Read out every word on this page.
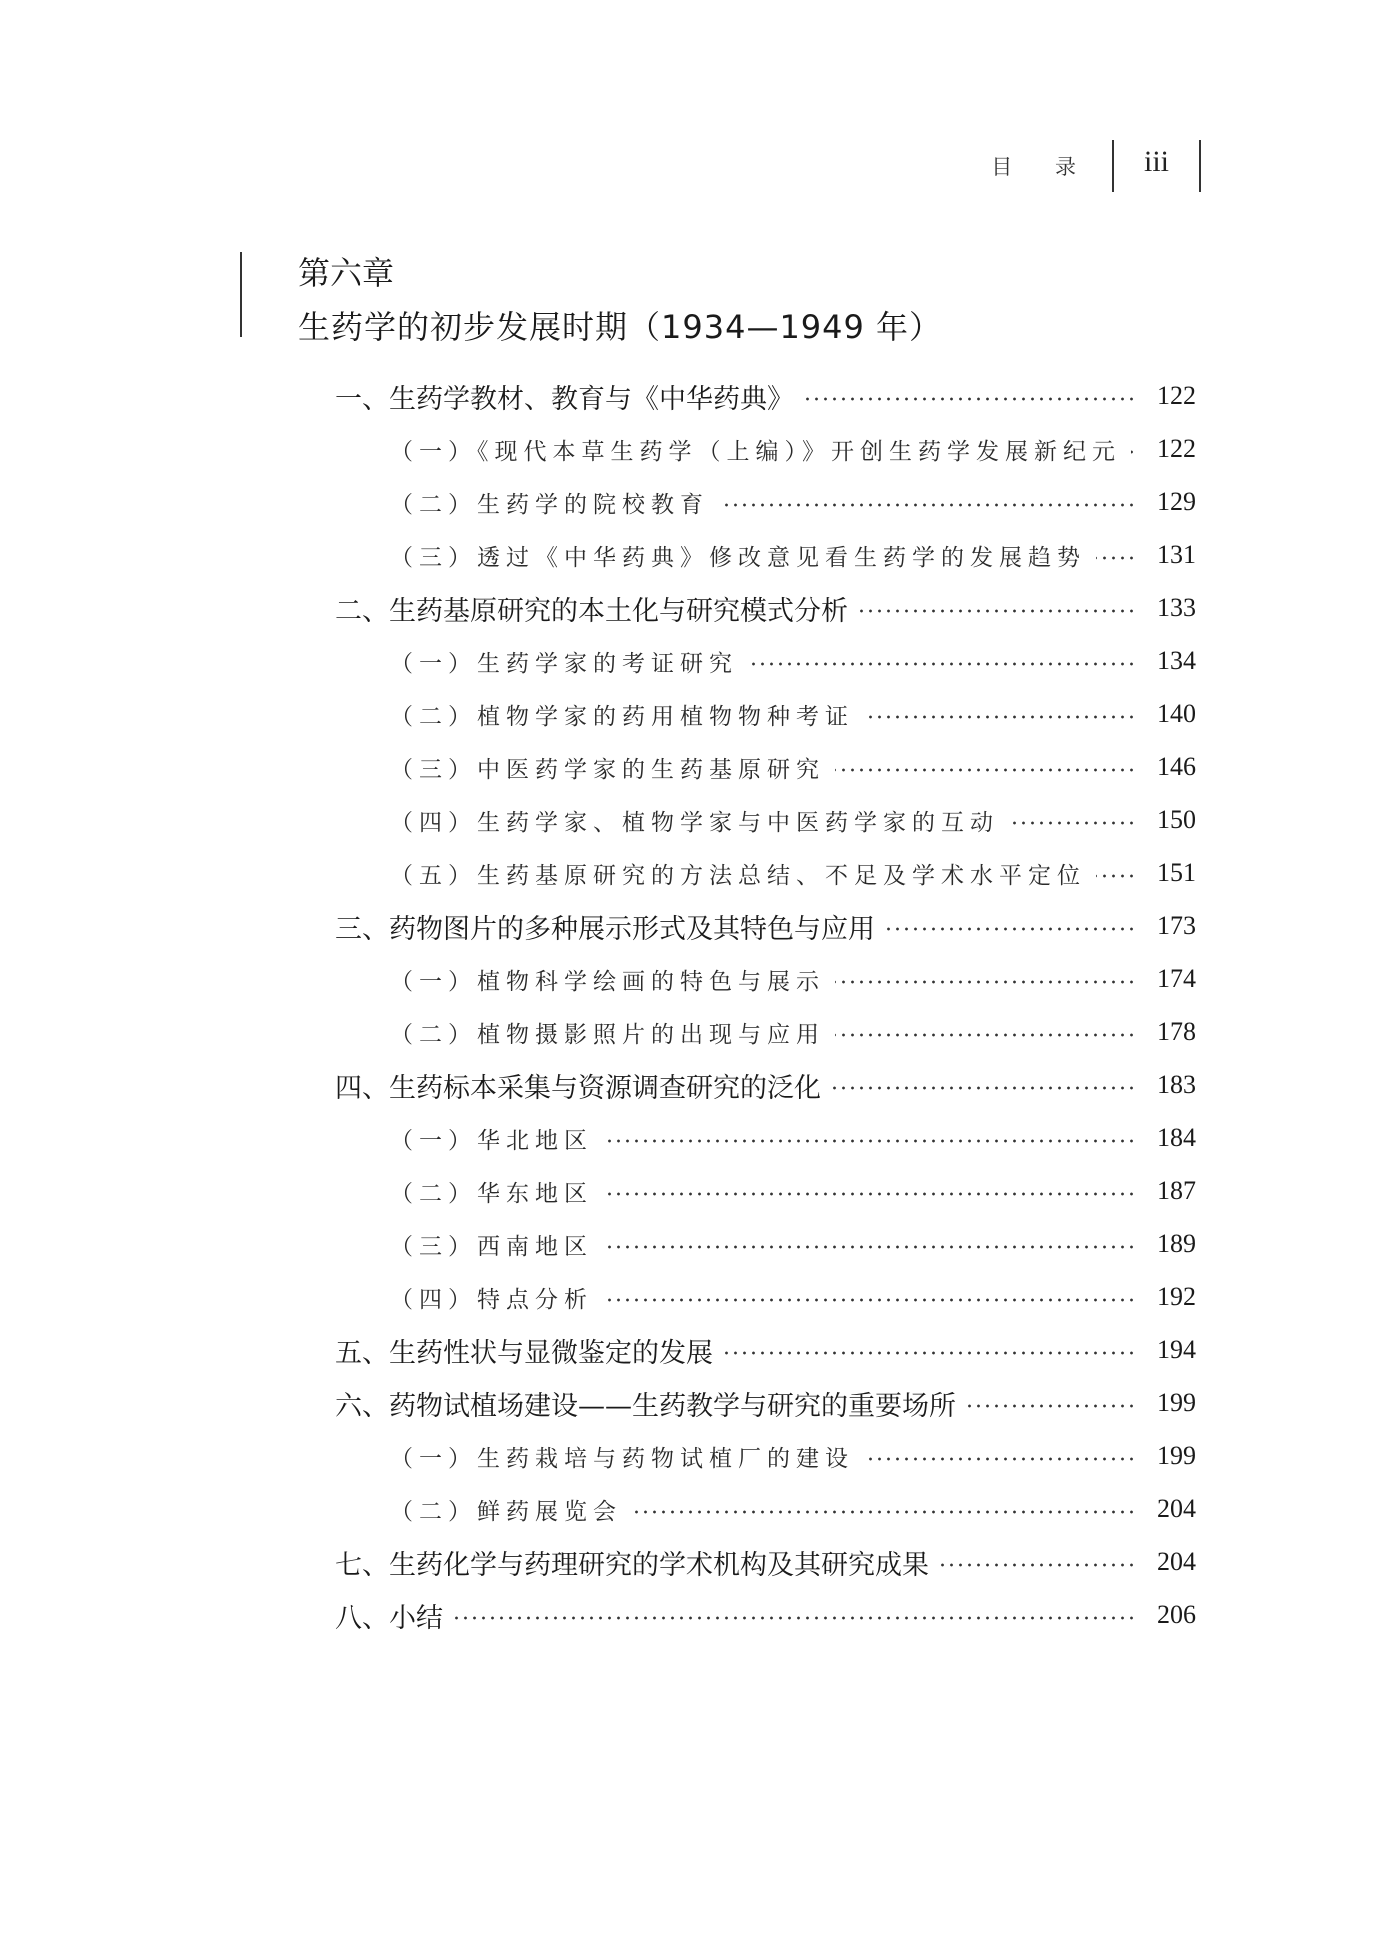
目 录 iii
第六章
生药学的初步发展时期（1934—1949 年）
一、生药学教材、教育与《中华药典》	122
（一）《现代本草生药学（上编）》开创生药学发展新纪元 122
（二）生药学的院校教育	129
（三）透过《中华药典》修改意见看生药学的发展趋势	131
二、生药基原研究的本土化与研究模式分析	133
（一）生药学家的考证研究	134
（二）植物学家的药用植物物种考证	140
（三）中医药学家的生药基原研究	146
（四）生药学家、植物学家与中医药学家的互动	150
（五）生药基原研究的方法总结、不足及学术水平定位	151
三、药物图片的多种展示形式及其特色与应用	173
（一）植物科学绘画的特色与展示	174
（二）植物摄影照片的出现与应用	178
四、生药标本采集与资源调查研究的泛化	183
（一）华北地区	184
（二）华东地区	187
（三）西南地区	189
（四）特点分析	192
五、生药性状与显微鉴定的发展	194
六、药物试植场建设——生药教学与研究的重要场所	199
（一）生药栽培与药物试植厂的建设	199
（二）鲜药展览会	204
七、生药化学与药理研究的学术机构及其研究成果	204
八、小结	206
